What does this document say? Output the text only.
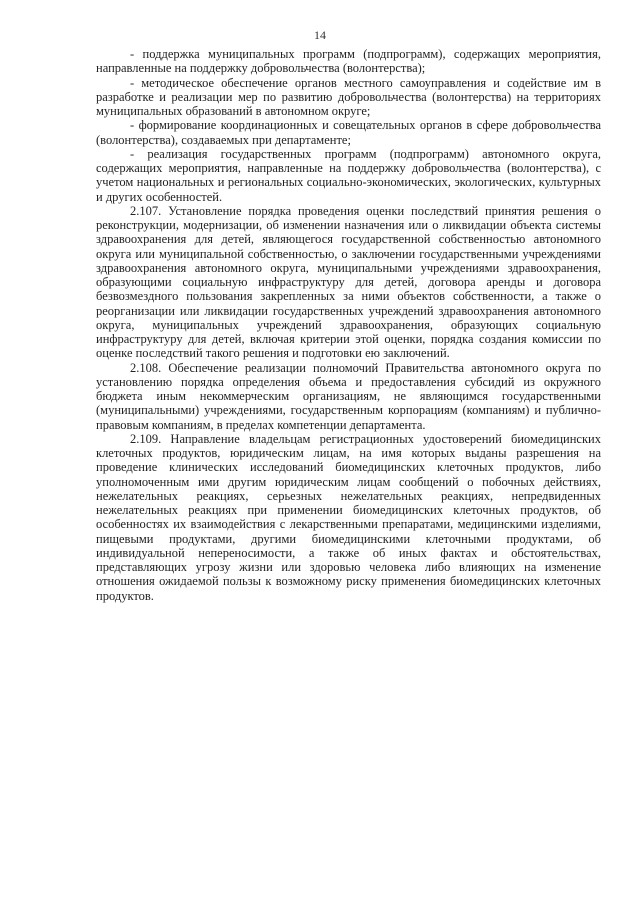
14

- поддержка муниципальных программ (подпрограмм), содержащих мероприятия, направленные на поддержку добровольчества (волонтерства);

- методическое обеспечение органов местного самоуправления и содействие им в разработке и реализации мер по развитию добровольчества (волонтерства) на территориях муниципальных образований в автономном округе;

- формирование координационных и совещательных органов в сфере добровольчества (волонтерства), создаваемых при департаменте;

- реализация государственных программ (подпрограмм) автономного округа, содержащих мероприятия, направленные на поддержку добровольчества (волонтерства), с учетом национальных и региональных социально-экономических, экологических, культурных и других особенностей.

2.107. Установление порядка проведения оценки последствий принятия решения о реконструкции, модернизации, об изменении назначения или о ликвидации объекта системы здравоохранения для детей, являющегося государственной собственностью автономного округа или муниципальной собственностью, о заключении государственными учреждениями здравоохранения автономного округа, муниципальными учреждениями здравоохранения, образующими социальную инфраструктуру для детей, договора аренды и договора безвозмездного пользования закрепленных за ними объектов собственности, а также о реорганизации или ликвидации государственных учреждений здравоохранения автономного округа, муниципальных учреждений здравоохранения, образующих социальную инфраструктуру для детей, включая критерии этой оценки, порядка создания комиссии по оценке последствий такого решения и подготовки ею заключений.

2.108. Обеспечение реализации полномочий Правительства автономного округа по установлению порядка определения объема и предоставления субсидий из окружного бюджета иным некоммерческим организациям, не являющимся государственными (муниципальными) учреждениями, государственным корпорациям (компаниям) и публично-правовым компаниям, в пределах компетенции департамента.

2.109. Направление владельцам регистрационных удостоверений биомедицинских клеточных продуктов, юридическим лицам, на имя которых выданы разрешения на проведение клинических исследований биомедицинских клеточных продуктов, либо уполномоченным ими другим юридическим лицам сообщений о побочных действиях, нежелательных реакциях, серьезных нежелательных реакциях, непредвиденных нежелательных реакциях при применении биомедицинских клеточных продуктов, об особенностях их взаимодействия с лекарственными препаратами, медицинскими изделиями, пищевыми продуктами, другими биомедицинскими клеточными продуктами, об индивидуальной непереносимости, а также об иных фактах и обстоятельствах, представляющих угрозу жизни или здоровью человека либо влияющих на изменение отношения ожидаемой пользы к возможному риску применения биомедицинских клеточных продуктов.
